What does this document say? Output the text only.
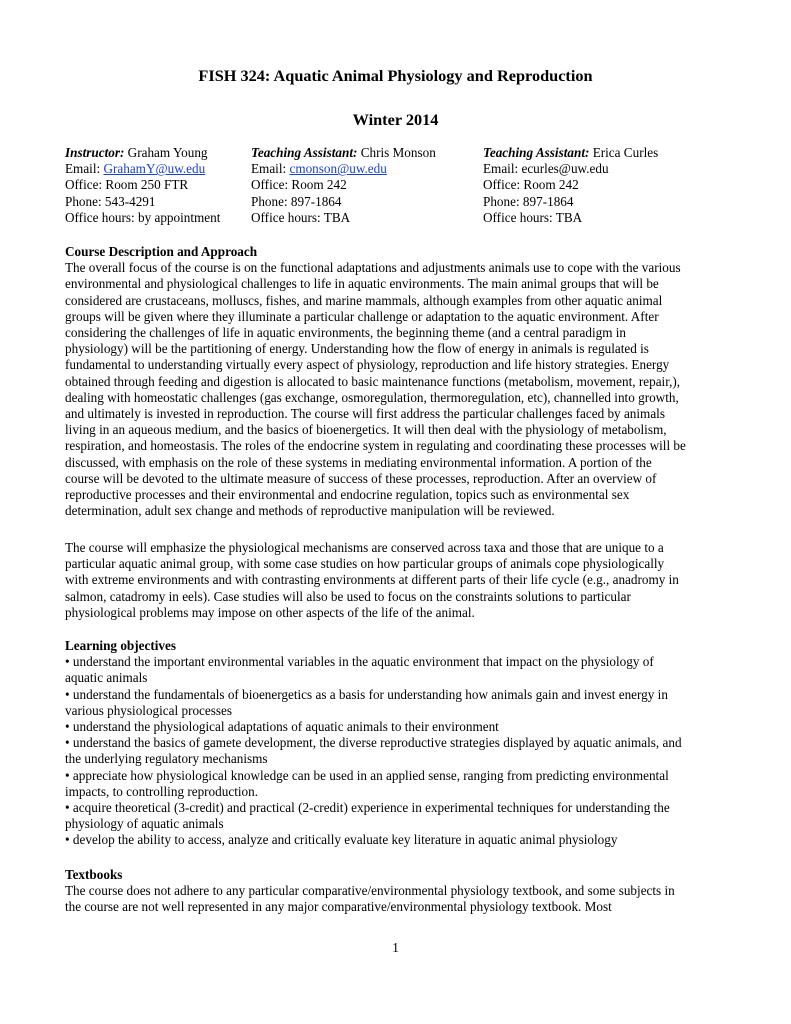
FISH 324: Aquatic Animal Physiology and Reproduction
Winter 2014
Instructor: Graham Young
Email: GrahamY@uw.edu
Office: Room 250 FTR
Phone: 543-4291
Office hours: by appointment
Teaching Assistant: Chris Monson
Email: cmonson@uw.edu
Office: Room 242
Phone: 897-1864
Office hours: TBA
Teaching Assistant: Erica Curles
Email: ecurles@uw.edu
Office: Room 242
Phone: 897-1864
Office hours: TBA
Course Description and Approach
The overall focus of the course is on the functional adaptations and adjustments animals use to cope with the various
environmental and physiological challenges to life in aquatic environments. The main animal groups that will be
considered are crustaceans, molluscs, fishes, and marine mammals, although examples from other aquatic animal
groups will be given where they illuminate a particular challenge or adaptation to the aquatic environment. After
considering the challenges of life in aquatic environments, the beginning theme (and a central paradigm in
physiology) will be the partitioning of energy. Understanding how the flow of energy in animals is regulated is
fundamental to understanding virtually every aspect of physiology, reproduction and life history strategies. Energy
obtained through feeding and digestion is allocated to basic maintenance functions (metabolism, movement, repair,),
dealing with homeostatic challenges (gas exchange, osmoregulation, thermoregulation, etc), channelled into growth,
and ultimately is invested in reproduction. The course will first address the particular challenges faced by animals
living in an aqueous medium, and the basics of bioenergetics. It will then deal with the physiology of metabolism,
respiration, and homeostasis. The roles of the endocrine system in regulating and coordinating these processes will be
discussed, with emphasis on the role of these systems in mediating environmental information. A portion of the
course will be devoted to the ultimate measure of success of these processes, reproduction. After an overview of
reproductive processes and their environmental and endocrine regulation, topics such as environmental sex
determination, adult sex change and methods of reproductive manipulation will be reviewed.
The course will emphasize the physiological mechanisms are conserved across taxa and those that are unique to a
particular aquatic animal group, with some case studies on how particular groups of animals cope physiologically
with extreme environments and with contrasting environments at different parts of their life cycle (e.g., anadromy in
salmon, catadromy in eels). Case studies will also be used to focus on the constraints solutions to particular
physiological problems may impose on other aspects of the life of the animal.
Learning objectives
• understand the important environmental variables in the aquatic environment that impact on the physiology of
aquatic animals
• understand the fundamentals of bioenergetics as a basis for understanding how animals gain and invest energy in
various physiological processes
• understand the physiological adaptations of aquatic animals to their environment
• understand the basics of gamete development, the diverse reproductive strategies displayed by aquatic animals, and
the underlying regulatory mechanisms
• appreciate how physiological knowledge can be used in an applied sense, ranging from predicting environmental
impacts, to controlling reproduction.
• acquire theoretical (3-credit) and practical (2-credit) experience in experimental techniques for understanding the
physiology of aquatic animals
• develop the ability to access, analyze and critically evaluate key literature in aquatic animal physiology
Textbooks
The course does not adhere to any particular comparative/environmental physiology textbook, and some subjects in
the course are not well represented in any major comparative/environmental physiology textbook. Most
1
